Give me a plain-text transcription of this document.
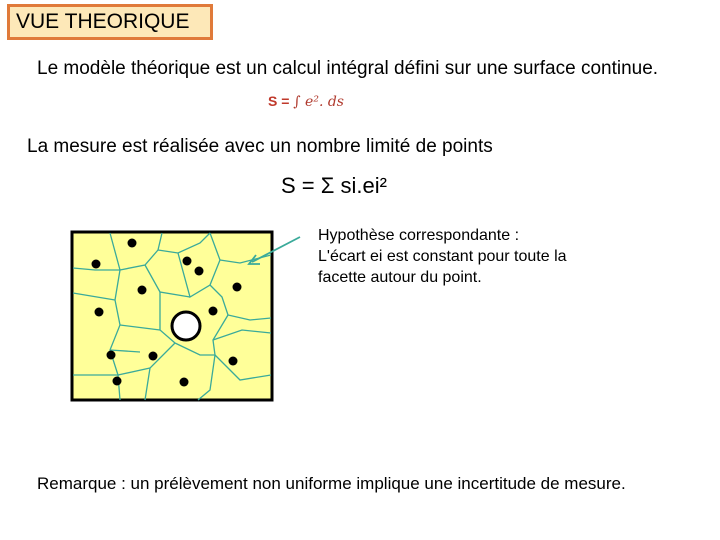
VUE THEORIQUE
Le modèle théorique est un calcul intégral défini sur une surface continue.
S = ∫ e². ds
La mesure est réalisée avec un nombre limité de points
S = Σ si.ei²
Hypothèse correspondante :
L'écart ei est constant pour toute la
facette autour du point.
Remarque : un prélèvement non uniforme implique une incertitude de mesure.
